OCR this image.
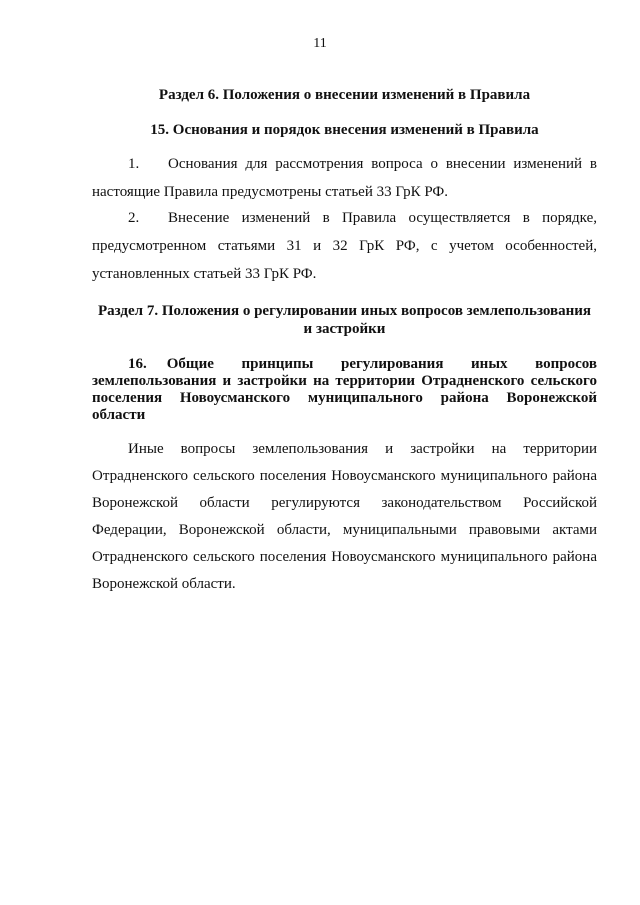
11
Раздел 6. Положения о внесении изменений в Правила
15. Основания и порядок внесения изменений в Правила
1. Основания для рассмотрения вопроса о внесении изменений в настоящие Правила предусмотрены статьей 33 ГрК РФ.
2. Внесение изменений в Правила осуществляется в порядке, предусмотренном статьями 31 и 32 ГрК РФ, с учетом особенностей, установленных статьей 33 ГрК РФ.
Раздел 7. Положения о регулировании иных вопросов землепользования
и застройки
16. Общие принципы регулирования иных вопросов землепользования и застройки на территории Отрадненского сельского поселения Новоусманского муниципального района Воронежской области
Иные вопросы землепользования и застройки на территории Отрадненского сельского поселения Новоусманского муниципального района Воронежской области регулируются законодательством Российской Федерации, Воронежской области, муниципальными правовыми актами Отрадненского сельского поселения Новоусманского муниципального района Воронежской области.
